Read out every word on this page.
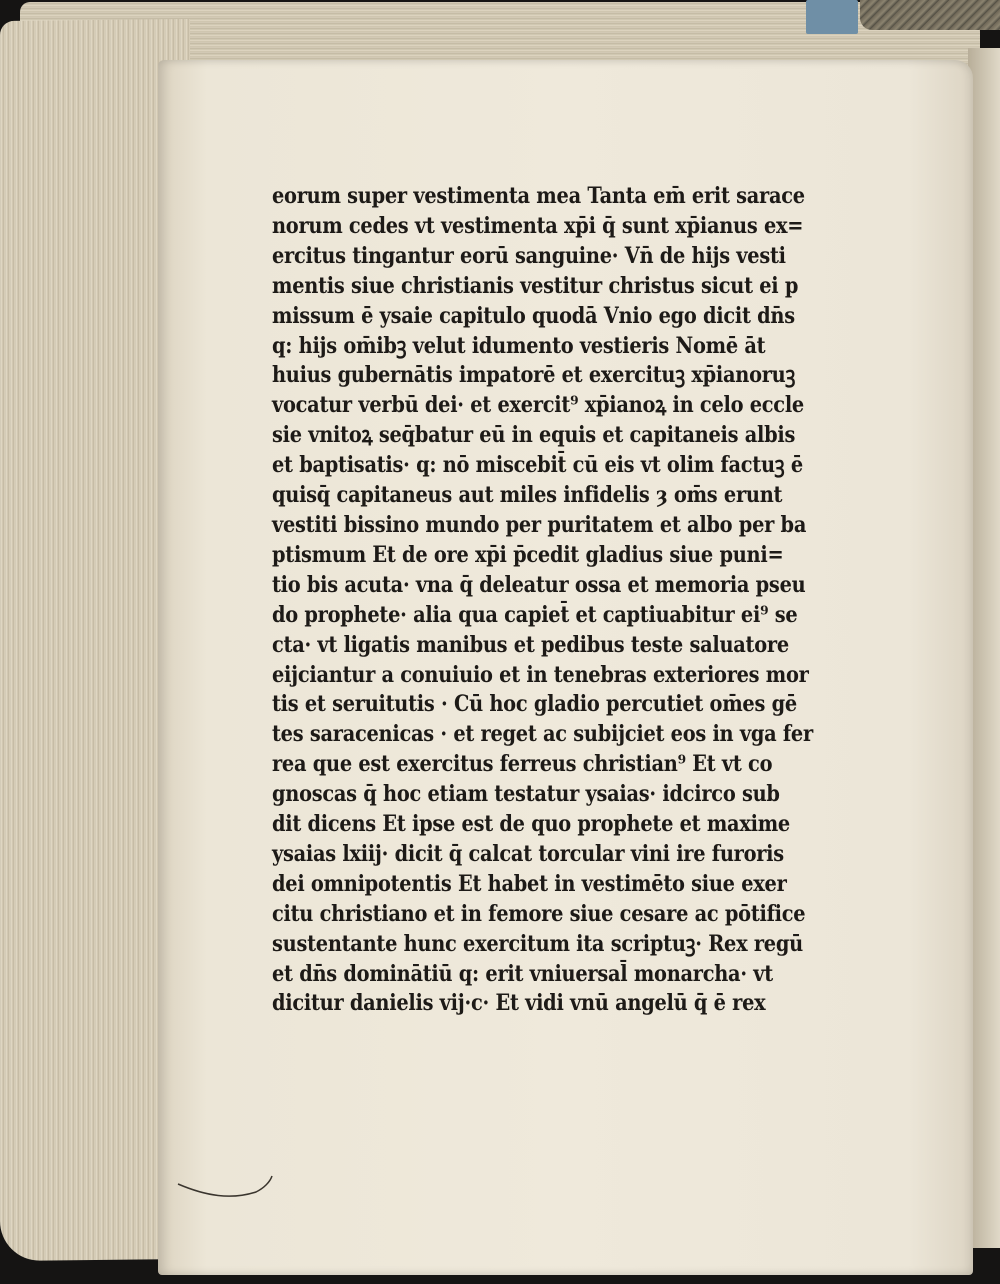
eorum super vestimenta mea Tanta em̄ erit sarace
norum cedes vt vestimenta xp̄i q̄ sunt xp̄ianus ex=
ercitus tingantur eorū sanguine· Vn̄ de hijs vesti
mentis siue christianis vestitur christus sicut ei p
missum ē ysaie capitulo quodā Vnio ego dicit dn̄s
q: hijs om̄ibꝫ velut idumento vestieris Nomē āt
huius gubernātis impatorē et exercituꝫ xp̄ianoruꝫ
vocatur verbū dei· et exercit⁹ xp̄ianoꝝ in celo eccle
sie vnitoꝝ seq̄batur eū in equis et capitaneis albis
et baptisatis· q: nō miscebit̄ cū eis vt olim factuꝫ ē
quisq̄ capitaneus aut miles infidelis ȝ om̄s erunt
vestiti bissino mundo per puritatem et albo per ba
ptismum Et de ore xp̄i p̄cedit gladius siue puni=
tio bis acuta· vna q̄ deleatur ossa et memoria pseu
do prophete· alia qua capiet̄ et captiuabitur ei⁹ se
cta· vt ligatis manibus et pedibus teste saluatore
eijciantur a conuiuio et in tenebras exteriores mor
tis et seruitutis · Cū hoc gladio percutiet om̄es gē
tes saracenicas · et reget ac subijciet eos in vga fer
rea que est exercitus ferreus christian⁹ Et vt co
gnoscas q̄ hoc etiam testatur ysaias· idcirco sub
dit dicens Et ipse est de quo prophete et maxime
ysaias lxiij· dicit q̄ calcat torcular vini ire furoris
dei omnipotentis Et habet in vestimēto siue exer
citu christiano et in femore siue cesare ac pōtifice
sustentante hunc exercitum ita scriptuꝫ· Rex regū
et dn̄s dominātiū q: erit vniuersal̄ monarcha· vt
dicitur danielis vij·c· Et vidi vnū angelū q̄ ē rex
